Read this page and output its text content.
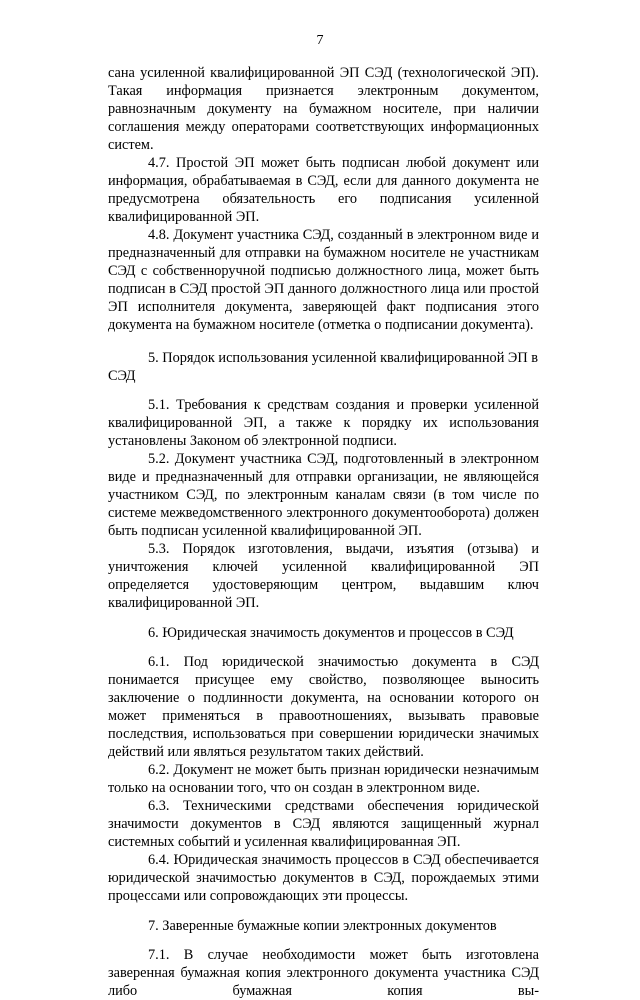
7

сана усиленной квалифицированной ЭП СЭД (технологической ЭП). Такая информация признается электронным документом, равнозначным документу на бумажном носителе, при наличии соглашения между операторами соответствующих информационных систем.

4.7. Простой ЭП может быть подписан любой документ или информация, обрабатываемая в СЭД, если для данного документа не предусмотрена обязательность его подписания усиленной квалифицированной ЭП.

4.8. Документ участника СЭД, созданный в электронном виде и предназначенный для отправки на бумажном носителе не участникам СЭД с собственноручной подписью должностного лица, может быть подписан в СЭД простой ЭП данного должностного лица или простой ЭП исполнителя документа, заверяющей факт подписания этого документа на бумажном носителе (отметка о подписании документа).

5. Порядок использования усиленной квалифицированной ЭП в СЭД

5.1. Требования к средствам создания и проверки усиленной квалифицированной ЭП, а также к порядку их использования установлены Законом об электронной подписи.

5.2. Документ участника СЭД, подготовленный в электронном виде и предназначенный для отправки организации, не являющейся участником СЭД, по электронным каналам связи (в том числе по системе межведомственного электронного документооборота) должен быть подписан усиленной квалифицированной ЭП.

5.3. Порядок изготовления, выдачи, изъятия (отзыва) и уничтожения ключей усиленной квалифицированной ЭП определяется удостоверяющим центром, выдавшим ключ квалифицированной ЭП.

6. Юридическая значимость документов и процессов в СЭД

6.1. Под юридической значимостью документа в СЭД понимается присущее ему свойство, позволяющее выносить заключение о подлинности документа, на основании которого он может применяться в правоотношениях, вызывать правовые последствия, использоваться при совершении юридически значимых действий или являться результатом таких действий.

6.2. Документ не может быть признан юридически незначимым только на основании того, что он создан в электронном виде.

6.3. Техническими средствами обеспечения юридической значимости документов в СЭД являются защищенный журнал системных событий и усиленная квалифицированная ЭП.

6.4. Юридическая значимость процессов в СЭД обеспечивается юридической значимостью документов в СЭД, порождаемых этими процессами или сопровождающих эти процессы.

7. Заверенные бумажные копии электронных документов

7.1. В случае необходимости может быть изготовлена заверенная бумажная копия электронного документа участника СЭД либо бумажная копия вы-
